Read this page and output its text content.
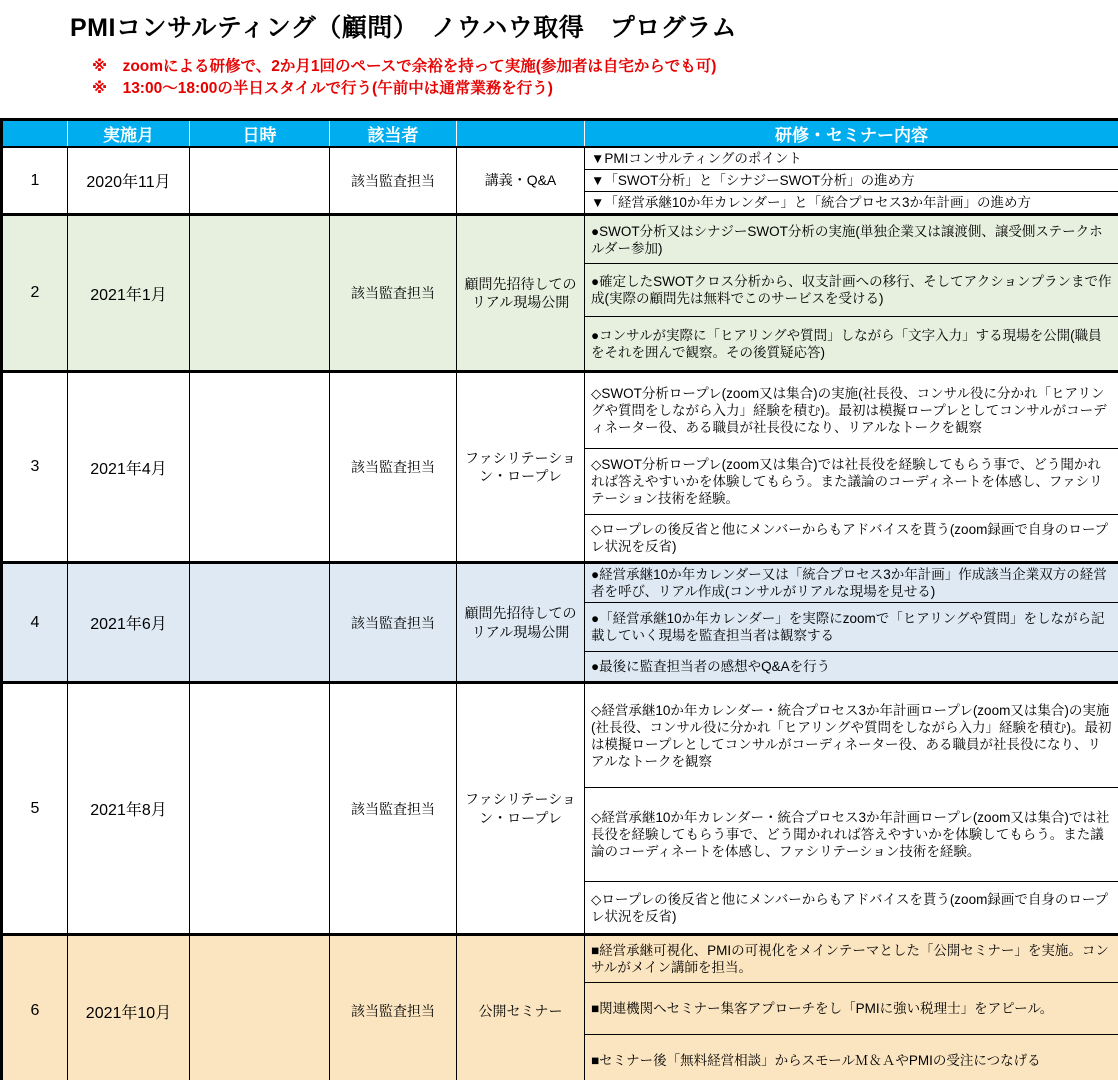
PMIコンサルティング（顧問）　ノウハウ取得　プログラム
※　zoomによる研修で、2か月1回のペースで余裕を持って実施(参加者は自宅からでも可)
※　13:00～18:00の半日スタイルで行う(午前中は通常業務を行う)
	実施月	日時	該当者		研修・セミナー内容
1	2020年11月		該当監査担当	講義・Q&A	▼PMIコンサルティングのポイント
					▼「SWOT分析」と「シナジーSWOT分析」の進め方
					▼「経営承継10か年カレンダー」と「統合プロセス3か年計画」の進め方
2	2021年1月		該当監査担当	顧問先招待してのリアル現場公開	●SWOT分析又はシナジーSWOT分析の実施(単独企業又は譲渡側、譲受側ステークホルダー参加)
					●確定したSWOTクロス分析から、収支計画への移行、そしてアクションプランまで作成(実際の顧問先は無料でこのサービスを受ける)
					●コンサルが実際に「ヒアリングや質問」しながら「文字入力」する現場を公開(職員をそれを囲んで観察。その後質疑応答)
3	2021年4月		該当監査担当	ファシリテーション・ロープレ	◇SWOT分析ロープレ(zoom又は集合)の実施(社長役、コンサル役に分かれ「ヒアリングや質問をしながら入力」経験を積む)。最初は模擬ロープレとしてコンサルがコーディネーター役、ある職員が社長役になり、リアルなトークを観察
					◇SWOT分析ロープレ(zoom又は集合)では社長役を経験してもらう事で、どう聞かれれば答えやすいかを体験してもらう。また議論のコーディネートを体感し、ファシリテーション技術を経験。
					◇ロープレの後反省と他にメンバーからもアドバイスを貰う(zoom録画で自身のロープレ状況を反省)
4	2021年6月		該当監査担当	顧問先招待してのリアル現場公開	●経営承継10か年カレンダー又は「統合プロセス3か年計画」作成該当企業双方の経営者を呼び、リアル作成(コンサルがリアルな現場を見せる)
					●「経営承継10か年カレンダー」を実際にzoomで「ヒアリングや質問」をしながら記載していく現場を監査担当者は観察する
					●最後に監査担当者の感想やQ&Aを行う
5	2021年8月		該当監査担当	ファシリテーション・ロープレ	◇経営承継10か年カレンダー・統合プロセス3か年計画ロープレ(zoom又は集合)の実施(社長役、コンサル役に分かれ「ヒアリングや質問をしながら入力」経験を積む)。最初は模擬ロープレとしてコンサルがコーディネーター役、ある職員が社長役になり、リアルなトークを観察
					◇経営承継10か年カレンダー・統合プロセス3か年計画ロープレ(zoom又は集合)では社長役を経験してもらう事で、どう聞かれれば答えやすいかを体験してもらう。また議論のコーディネートを体感し、ファシリテーション技術を経験。
					◇ロープレの後反省と他にメンバーからもアドバイスを貰う(zoom録画で自身のロープレ状況を反省)
6	2021年10月		該当監査担当	公開セミナー	■経営承継可視化、PMIの可視化をメインテーマとした「公開セミナー」を実施。コンサルがメイン講師を担当。
					■関連機関へセミナー集客アプローチをし「PMIに強い税理士」をアピール。
					■セミナー後「無料経営相談」からスモールＭ＆ＡやPMIの受注につなげる
